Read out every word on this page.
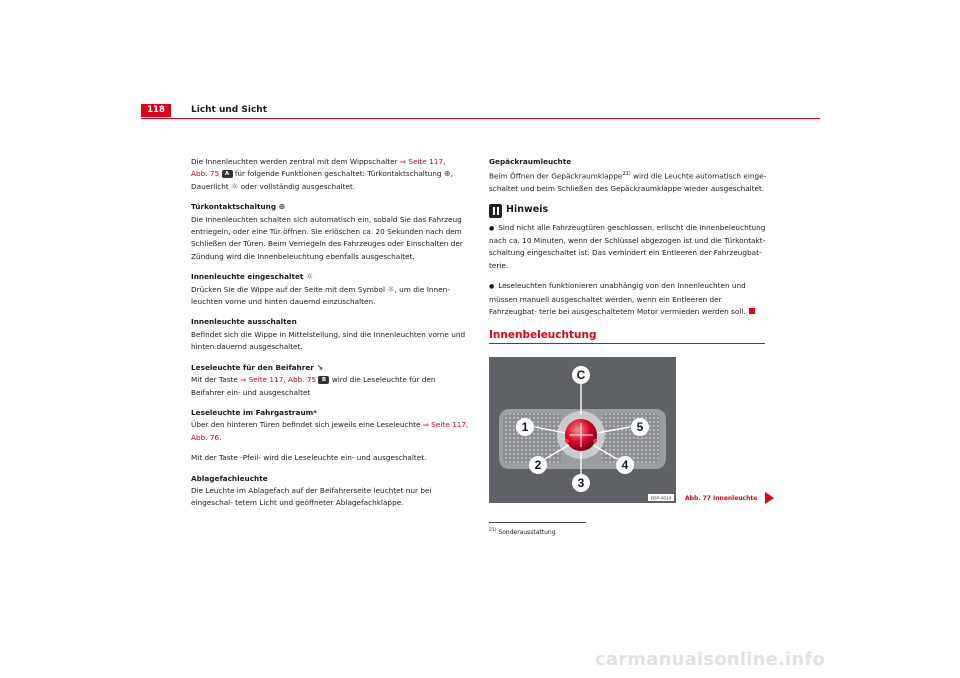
118	Licht und Sicht

Die Innenleuchten werden zentral mit dem Wippschalter ⇒ Seite 117,
Abb. 75 A für folgende Funktionen geschaltet: Türkontaktschaltung ⊕,
Dauerlicht ☼ oder vollständig ausgeschaltet.

Türkontaktschaltung ⊕
Die Innenleuchten schalten sich automatisch ein, sobald Sie das Fahrzeug entriegeln, oder eine Tür öffnen. Sie erlöschen ca. 20 Sekunden nach dem Schließen der Türen. Beim Verriegeln des Fahrzeuges oder Einschalten der Zündung wird die Innenbeleuchtung ebenfalls ausgeschaltet.

Innenleuchte eingeschaltet ☼
Drücken Sie die Wippe auf der Seite mit dem Symbol ☼, um die Innen- leuchten vorne und hinten dauernd einzuschalten.

Innenleuchte ausschalten
Befindet sich die Wippe in Mittelstellung, sind die Innenleuchten vorne und hinten dauernd ausgeschaltet.

Leseleuchte für den Beifahrer ↘
Mit der Taste ⇒ Seite 117, Abb. 75 B wird die Leseleuchte für den Beifahrer ein- und ausgeschaltet

Leseleuchte im Fahrgastraum*
Über den hinteren Türen befindet sich jeweils eine Leseleuchte ⇒ Seite 117, Abb. 76.

Mit der Taste -Pfeil- wird die Leseleuchte ein- und ausgeschaltet.

Ablagefachleuchte
Die Leuchte im Ablagefach auf der Beifahrerseite leuchtet nur bei eingeschal- tetem Licht und geöffneter Ablagefachklappe.

Gepäckraumleuchte
Beim Öffnen der Gepäckraumklappe$^{21)}$ wird die Leuchte automatisch einge- schaltet und beim Schließen des Gepäckraumklappe wieder ausgeschaltet.

Hinweis

● Sind nicht alle Fahrzeugtüren geschlossen, erlischt die Innenbeleuchtung nach ca. 10 Minuten, wenn der Schlüssel abgezogen ist und die Türkontakt- schaltung eingeschaltet ist. Das verhindert ein Entleeren der Fahrzeugbat- terie.

● Leseleuchten funktionieren unabhängig von den Innenleuchten und müssen manuell ausgeschaltet werden, wenn ein Entleeren der Fahrzeugbat- terie bei ausgeschaltetem Motor vermieden werden soll.

Innenbeleuchtung
C
1	5
2	4
3
B5P-0014 Abb. 77 Innenleuchte
$^{21)}$ Sonderausstattung
carmanualsonline.info
